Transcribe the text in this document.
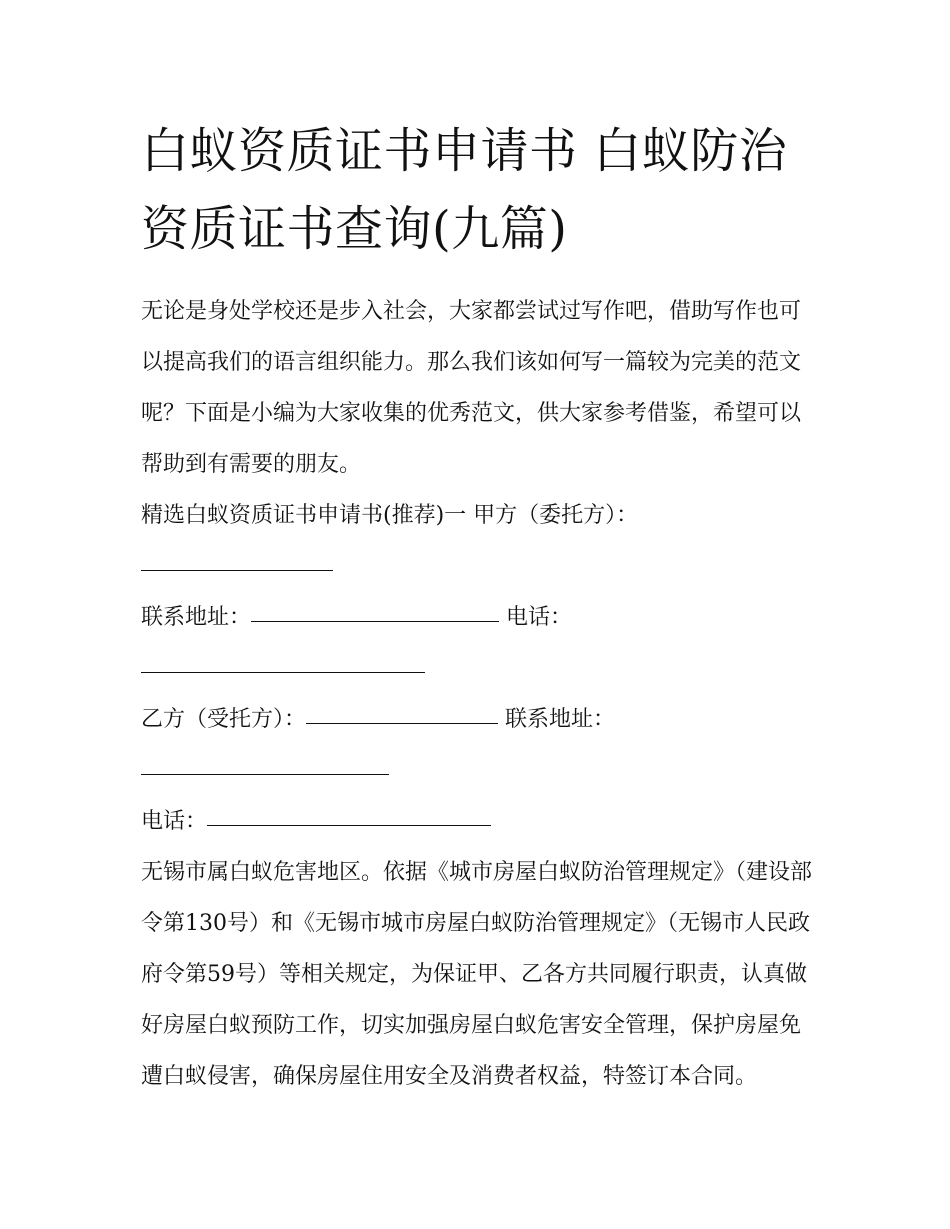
白蚁资质证书申请书 白蚁防治
资质证书查询(九篇)

无论是身处学校还是步入社会，大家都尝试过写作吧，借助写作也可以提高我们的语言组织能力。那么我们该如何写一篇较为完美的范文呢？下面是小编为大家收集的优秀范文，供大家参考借鉴，希望可以帮助到有需要的朋友。

精选白蚁资质证书申请书(推荐)一 甲方（委托方）：

联系地址：	电话：

乙方（受托方）：	联系地址：

电话：

无锡市属白蚁危害地区。依据《城市房屋白蚁防治管理规定》（建设部令第130号）和《无锡市城市房屋白蚁防治管理规定》（无锡市人民政府令第59号）等相关规定，为保证甲、乙各方共同履行职责，认真做好房屋白蚁预防工作，切实加强房屋白蚁危害安全管理，保护房屋免遭白蚁侵害，确保房屋住用安全及消费者权益，特签订本合同。
